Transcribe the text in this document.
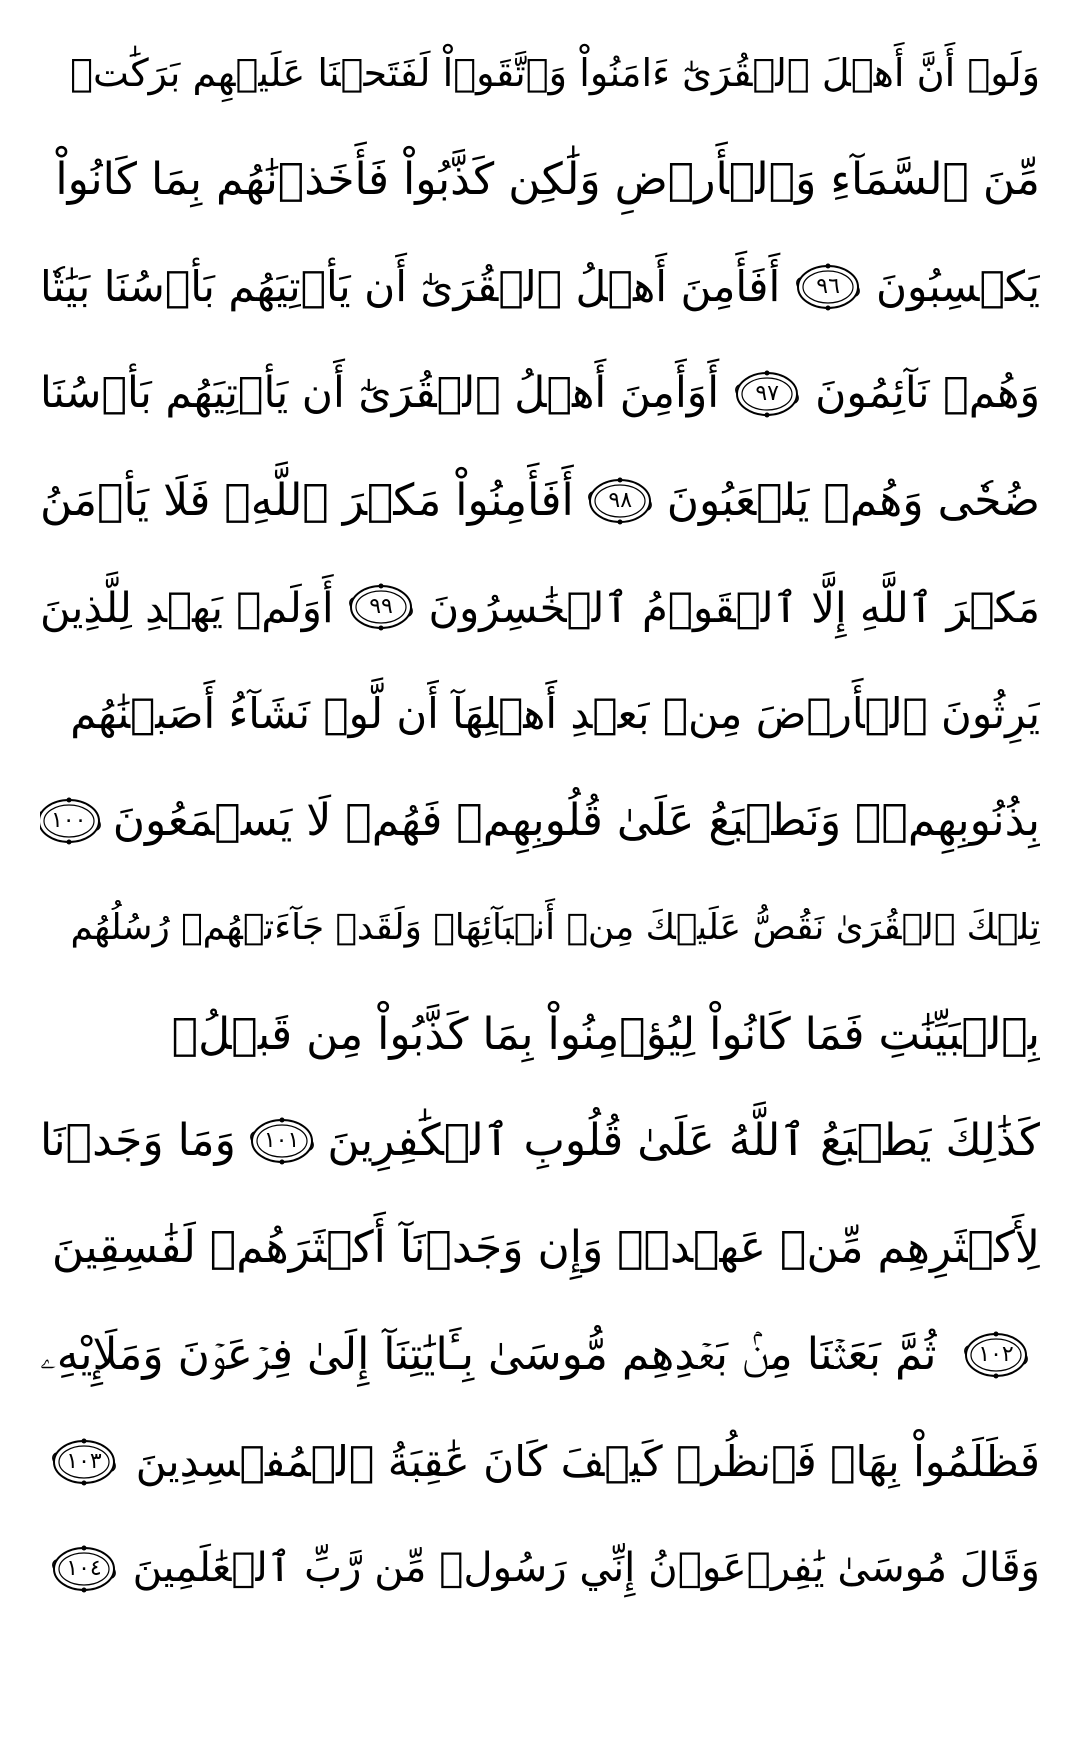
وَلَوۡ أَنَّ أَهۡلَ ٱلۡقُرَىٰٓ ءَامَنُواْ وَٱتَّقَوۡاْ لَفَتَحۡنَا عَلَيۡهِم بَرَكَٰتٖ
مِّنَ ٱلسَّمَآءِ وَٱلۡأَرۡضِ وَلَٰكِن كَذَّبُواْ فَأَخَذۡنَٰهُم بِمَا كَانُواْ
يَكۡسِبُونَ
٩٦
أَفَأَمِنَ أَهۡلُ ٱلۡقُرَىٰٓ أَن يَأۡتِيَهُم بَأۡسُنَا بَيَٰتٗا
وَهُمۡ نَآئِمُونَ
٩٧
أَوَأَمِنَ أَهۡلُ ٱلۡقُرَىٰٓ أَن يَأۡتِيَهُم بَأۡسُنَا
ضُحٗى وَهُمۡ يَلۡعَبُونَ
٩٨
أَفَأَمِنُواْ مَكۡرَ ٱللَّهِۚ فَلَا يَأۡمَنُ
مَكۡرَ ٱللَّهِ إِلَّا ٱلۡقَوۡمُ ٱلۡخَٰسِرُونَ
٩٩
أَوَلَمۡ يَهۡدِ لِلَّذِينَ
يَرِثُونَ ٱلۡأَرۡضَ مِنۢ بَعۡدِ أَهۡلِهَآ أَن لَّوۡ نَشَآءُ أَصَبۡنَٰهُم
بِذُنُوبِهِمۡۚ وَنَطۡبَعُ عَلَىٰ قُلُوبِهِمۡ فَهُمۡ لَا يَسۡمَعُونَ
١٠٠
تِلۡكَ ٱلۡقُرَىٰ نَقُصُّ عَلَيۡكَ مِنۡ أَنۢبَآئِهَاۚ وَلَقَدۡ جَآءَتۡهُمۡ رُسُلُهُم
بِٱلۡبَيِّنَٰتِ فَمَا كَانُواْ لِيُؤۡمِنُواْ بِمَا كَذَّبُواْ مِن قَبۡلُۚ
كَذَٰلِكَ يَطۡبَعُ ٱللَّهُ عَلَىٰ قُلُوبِ ٱلۡكَٰفِرِينَ
١٠١
وَمَا وَجَدۡنَا
لِأَكۡثَرِهِم مِّنۡ عَهۡدٖۖ وَإِن وَجَدۡنَآ أَكۡثَرَهُمۡ لَفَٰسِقِينَ
١٠٢
ثُمَّ بَعَثۡنَا مِنۢ بَعۡدِهِم مُّوسَىٰ بِـَٔايَٰتِنَآ إِلَىٰ فِرۡعَوۡنَ وَمَلَإِيْهِۦ
فَظَلَمُواْ بِهَاۖ فَٱنظُرۡ كَيۡفَ كَانَ عَٰقِبَةُ ٱلۡمُفۡسِدِينَ
١٠٣
وَقَالَ مُوسَىٰ يَٰفِرۡعَوۡنُ إِنِّي رَسُولٞ مِّن رَّبِّ ٱلۡعَٰلَمِينَ
١٠٤
